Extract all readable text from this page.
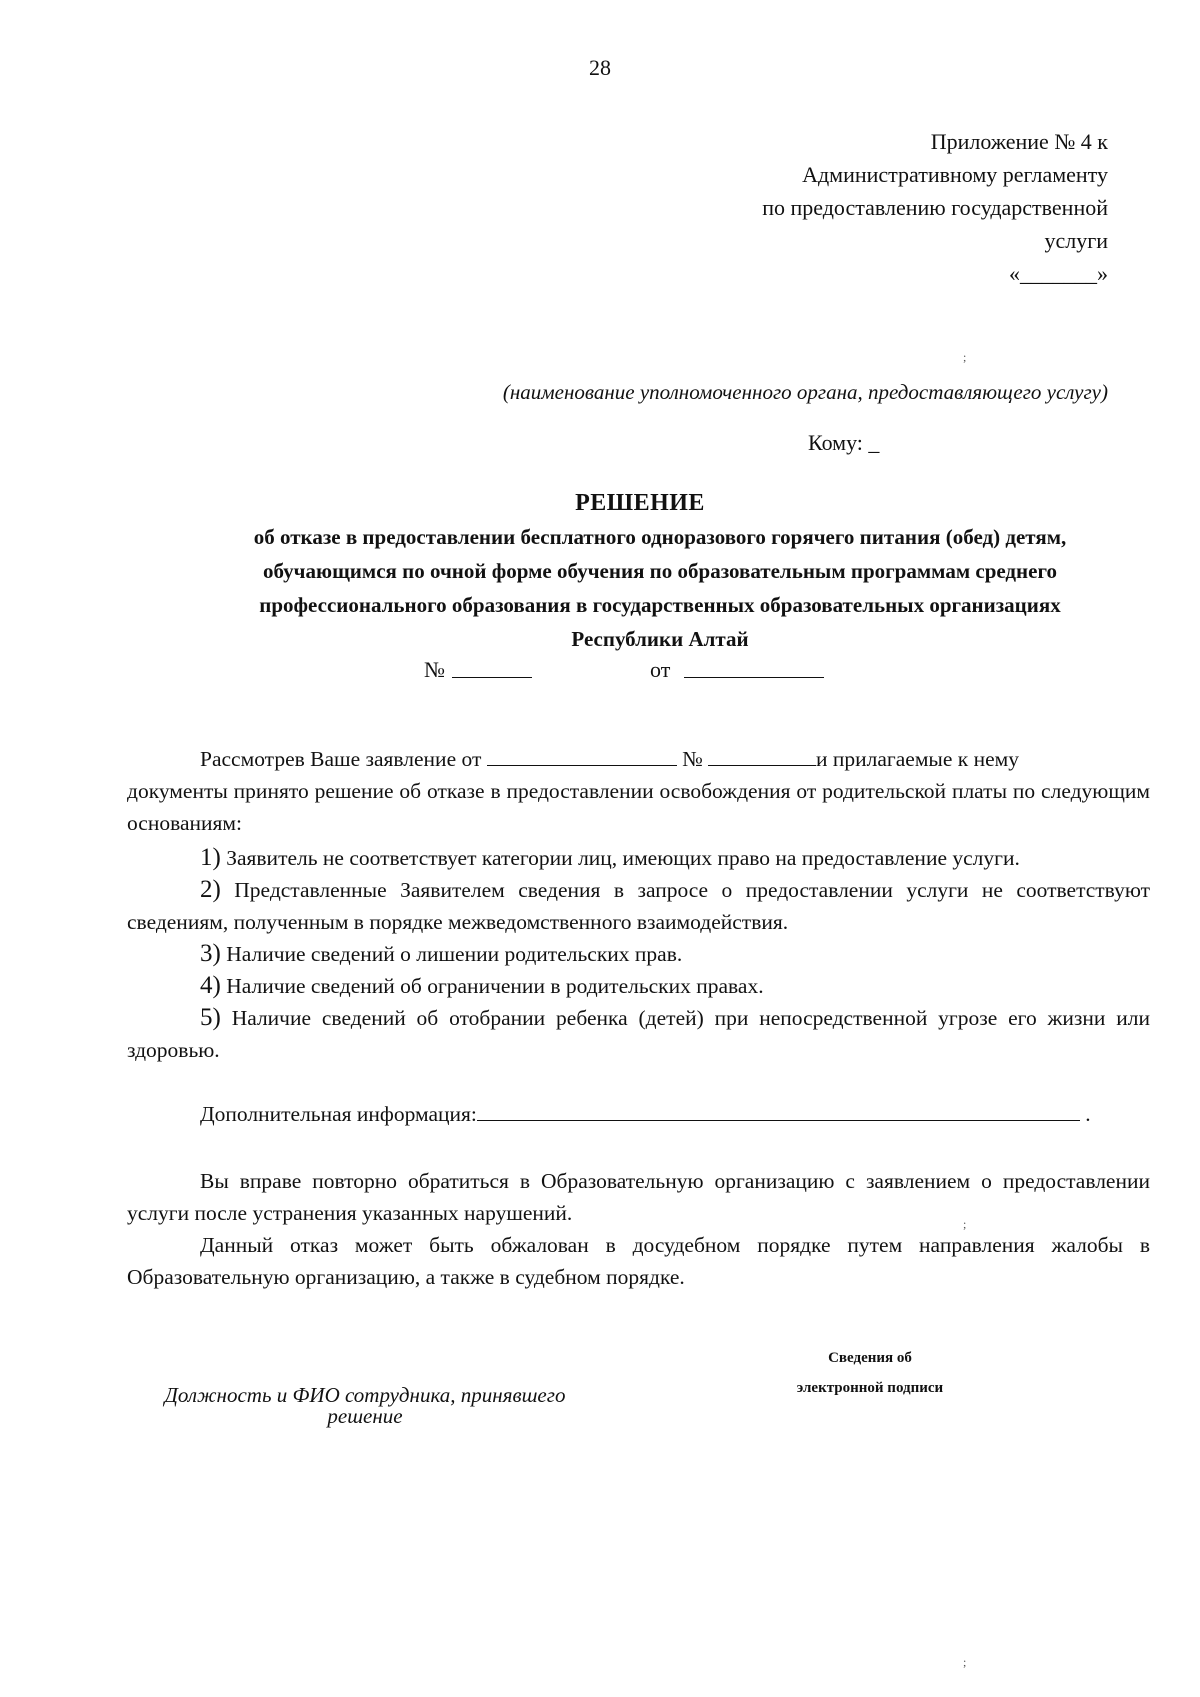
28
Приложение № 4 к
Административному регламенту
по предоставлению государственной
услуги
«_______»
;
(наименование уполномоченного органа, предоставляющего услугу)
Кому: _
РЕШЕНИЕ
об отказе в предоставлении бесплатного одноразового горячего питания (обед) детям,
обучающимся по очной форме обучения по образовательным программам среднего
профессионального образования в государственных образовательных организациях
Республики Алтай
№	от
Рассмотрев Ваше заявление от	№	и прилагаемые к нему
документы принято решение об отказе в предоставлении освобождения от родительской платы по следующим основаниям:
1) Заявитель не соответствует категории лиц, имеющих право на предоставление услуги.
2) Представленные Заявителем сведения в запросе о предоставлении услуги не соответствуют сведениям, полученным в порядке межведомственного взаимодействия.
3) Наличие сведений о лишении родительских прав.
4) Наличие сведений об ограничении в родительских правах.
5) Наличие сведений об отобрании ребенка (детей) при непосредственной угрозе его жизни или здоровью.
Дополнительная информация:	.
Вы вправе повторно обратиться в Образовательную организацию с заявлением о предоставлении услуги после устранения указанных нарушений.
Данный отказ может быть обжалован в досудебном порядке путем направления жалобы в Образовательную организацию, а также в судебном порядке.
;
Сведения об
электронной подписи
Должность и ФИО сотрудника, принявшего
решение
;
